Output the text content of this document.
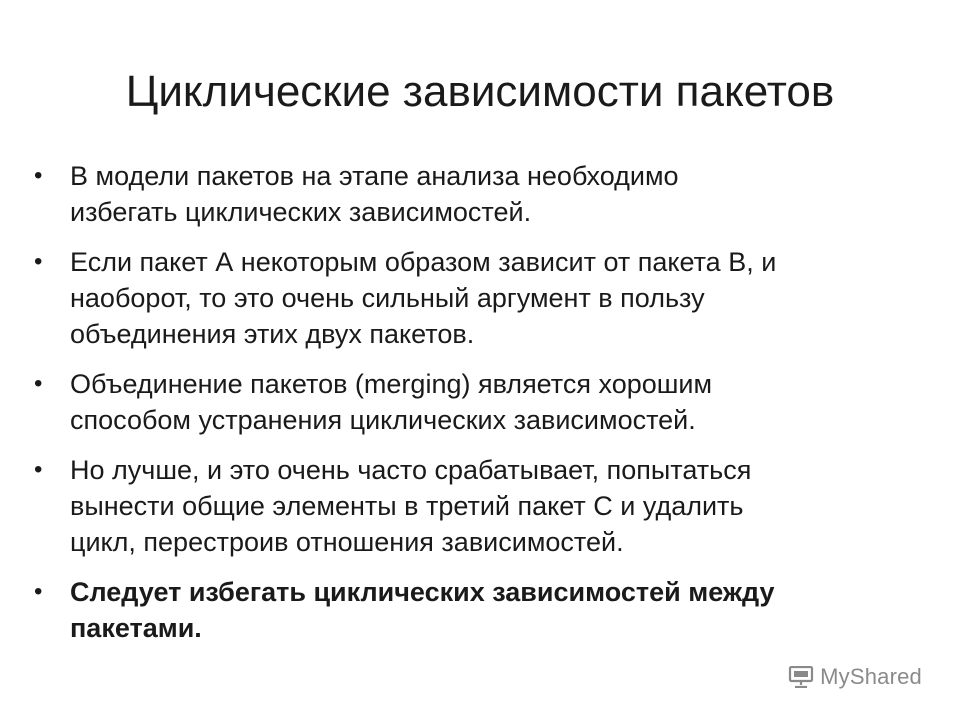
Циклические зависимости пакетов
•	В модели пакетов на этапе анализа необходимо
избегать циклических зависимостей.
•	Если пакет А некоторым образом зависит от пакета В, и
наоборот, то это очень сильный аргумент в пользу
объединения этих двух пакетов.
•	Объединение пакетов (merging) является хорошим
способом устранения циклических зависимостей.
•	Но лучше, и это очень часто срабатывает, попытаться
вынести общие элементы в третий пакет С и удалить
цикл, перестроив отношения зависимостей.
•	Следует избегать циклических зависимостей между
пакетами.
MyShared
